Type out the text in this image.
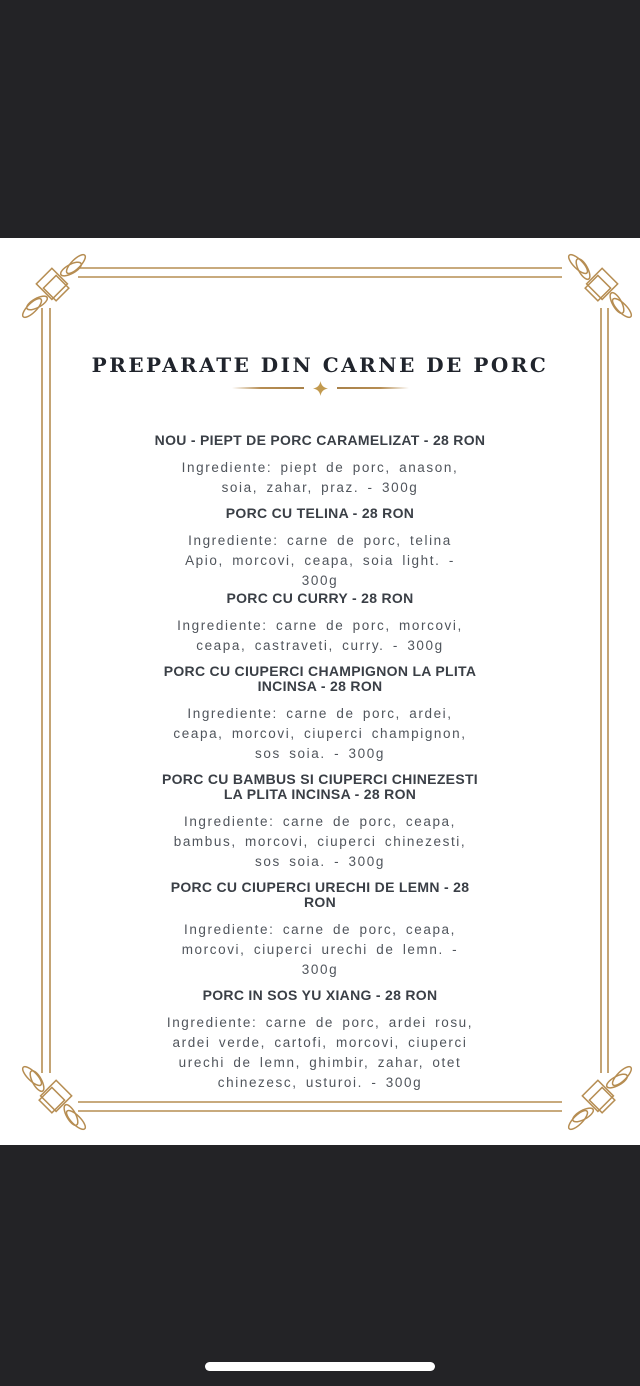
PREPARATE DIN CARNE DE PORC
NOU - PIEPT DE PORC CARAMELIZAT - 28 RON

Ingrediente: piept de porc, anason,
soia, zahar, praz. - 300g

PORC CU TELINA - 28 RON

Ingrediente: carne de porc, telina
Apio, morcovi, ceapa, soia light. -
300g

PORC CU CURRY - 28 RON

Ingrediente: carne de porc, morcovi,
ceapa, castraveti, curry. - 300g

PORC CU CIUPERCI CHAMPIGNON LA PLITA
INCINSA - 28 RON

Ingrediente: carne de porc, ardei,
ceapa, morcovi, ciuperci champignon,
sos soia. - 300g

PORC CU BAMBUS SI CIUPERCI CHINEZESTI
LA PLITA INCINSA - 28 RON

Ingrediente: carne de porc, ceapa,
bambus, morcovi, ciuperci chinezesti,
sos soia. - 300g

PORC CU CIUPERCI URECHI DE LEMN - 28
RON

Ingrediente: carne de porc, ceapa,
morcovi, ciuperci urechi de lemn. -
300g

PORC IN SOS YU XIANG - 28 RON

Ingrediente: carne de porc, ardei rosu,
ardei verde, cartofi, morcovi, ciuperci
urechi de lemn, ghimbir, zahar, otet
chinezesc, usturoi. - 300g
